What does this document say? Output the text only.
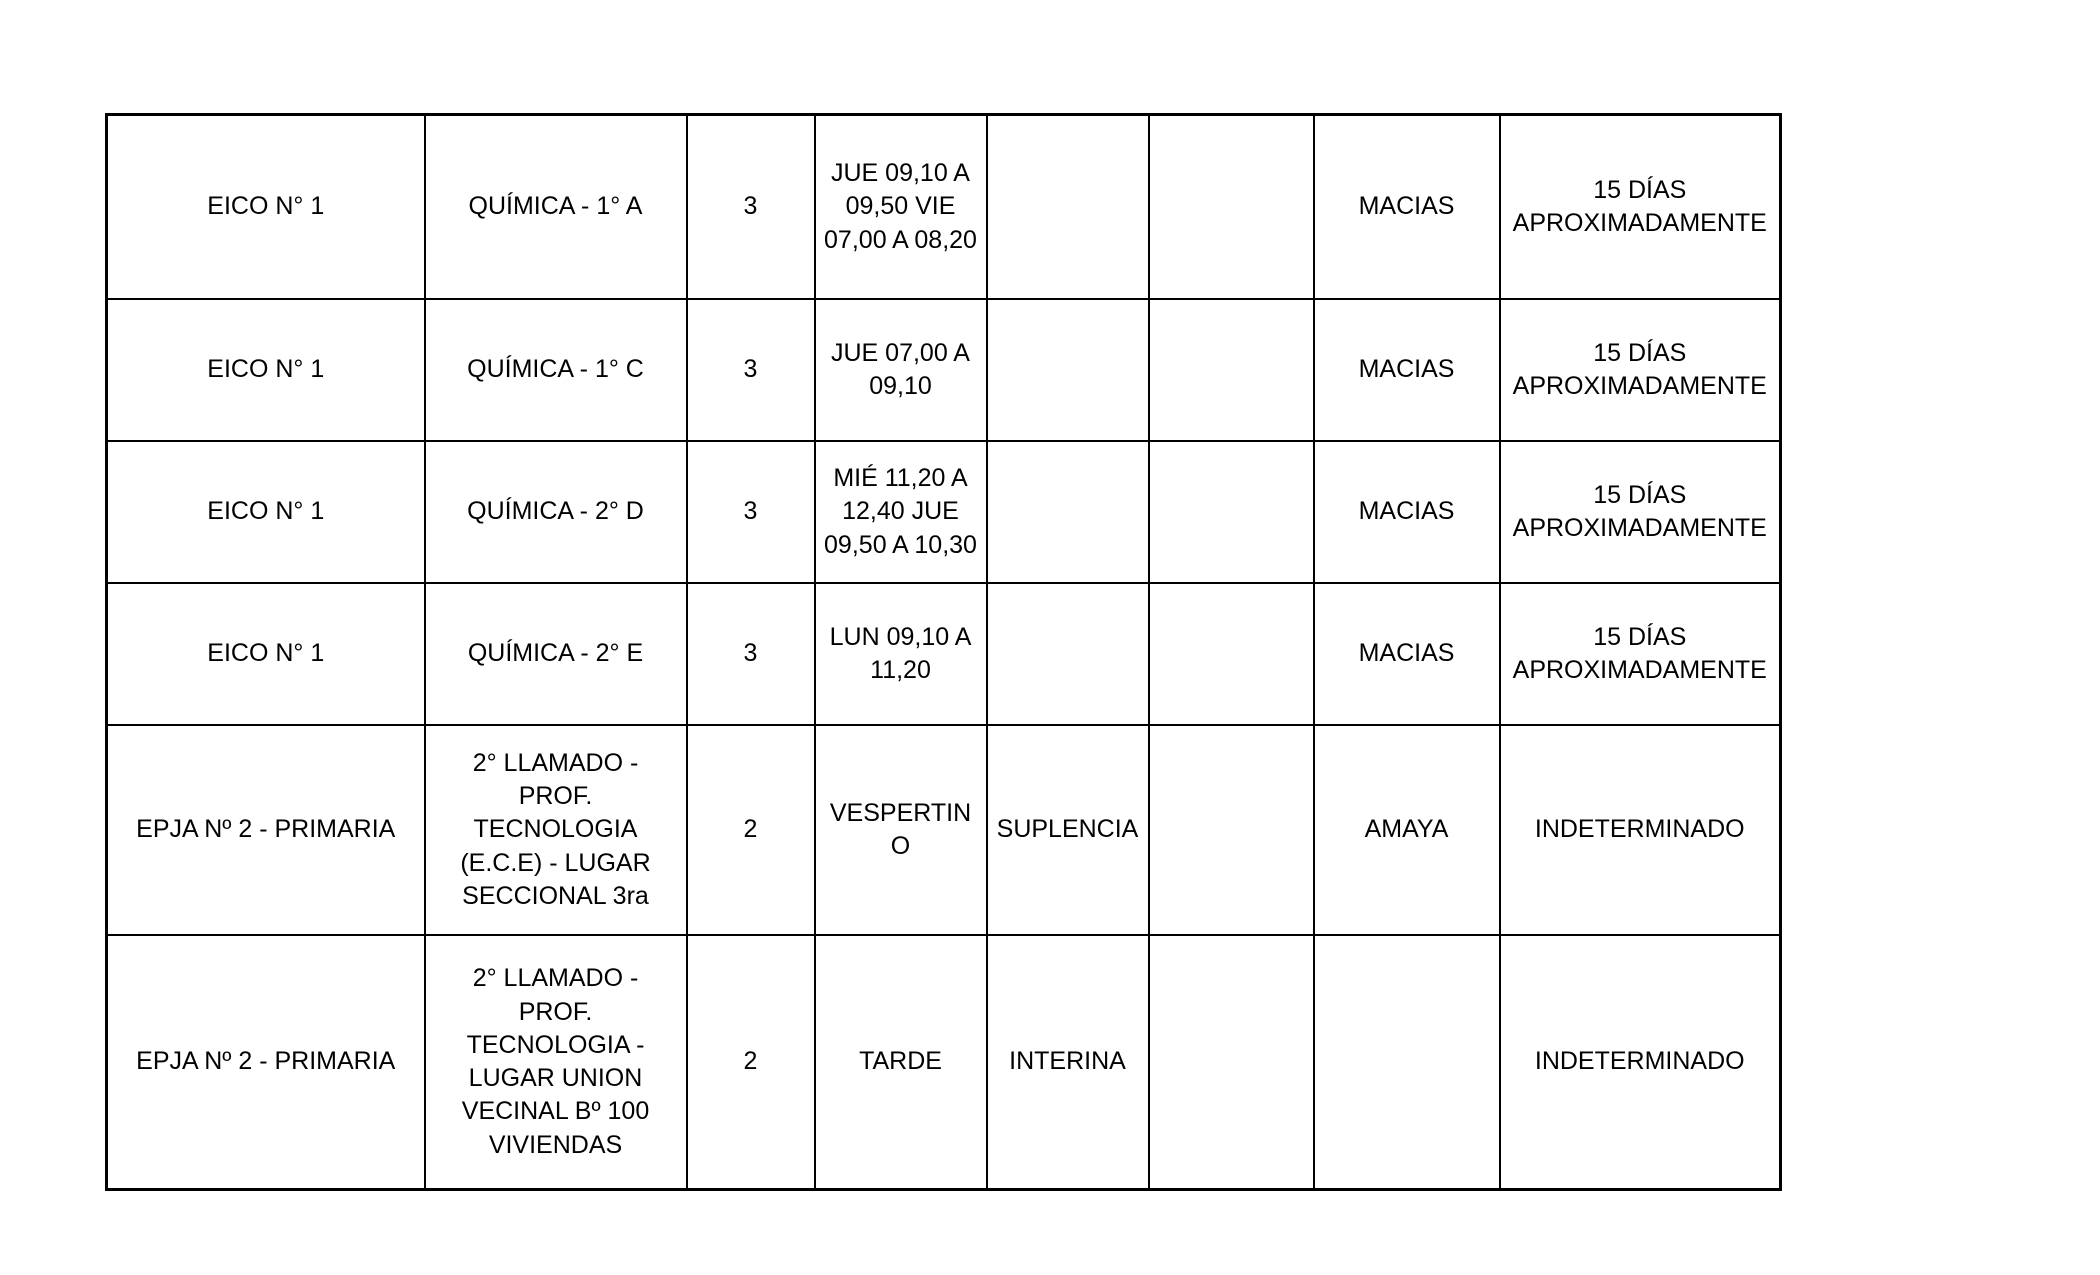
EICO N° 1	QUÍMICA - 1° A	3	JUE 09,10 A 09,50 VIE 07,00 A 08,20			MACIAS	15 DÍAS APROXIMADAMENTE
EICO N° 1	QUÍMICA - 1° C	3	JUE 07,00 A 09,10			MACIAS	15 DÍAS APROXIMADAMENTE
EICO N° 1	QUÍMICA - 2° D	3	MIÉ 11,20 A 12,40 JUE 09,50 A 10,30			MACIAS	15 DÍAS APROXIMADAMENTE
EICO N° 1	QUÍMICA - 2° E	3	LUN 09,10 A 11,20			MACIAS	15 DÍAS APROXIMADAMENTE
EPJA Nº 2 - PRIMARIA	2° LLAMADO - PROF. TECNOLOGIA (E.C.E) - LUGAR SECCIONAL 3ra	2	VESPERTINO	SUPLENCIA		AMAYA	INDETERMINADO
EPJA Nº 2 - PRIMARIA	2° LLAMADO - PROF. TECNOLOGIA - LUGAR UNION VECINAL Bº 100 VIVIENDAS	2	TARDE	INTERINA			INDETERMINADO
